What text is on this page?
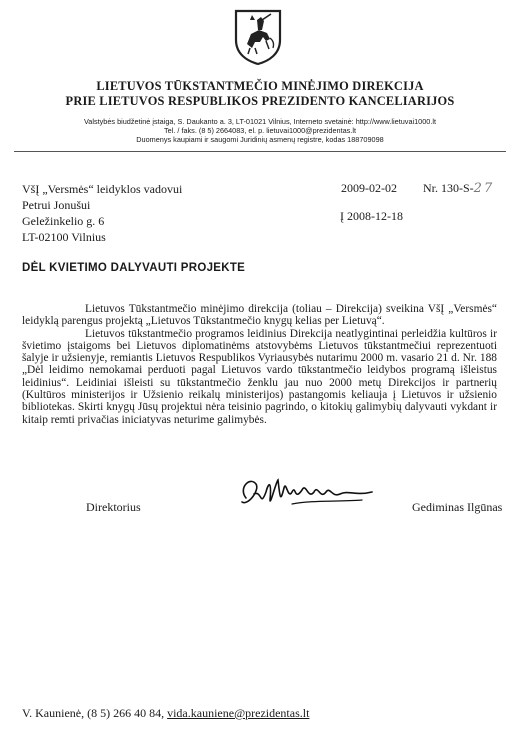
LIETUVOS TŪKSTANTMEČIO MINĖJIMO DIREKCIJA
PRIE LIETUVOS RESPUBLIKOS PREZIDENTO KANCELIARIJOS
Valstybės biudžetinė įstaiga, S. Daukanto a. 3, LT-01021 Vilnius, Interneto svetainė: http://www.lietuvai1000.lt
Tel. / faks. (8 5) 2664083, el. p. lietuvai1000@prezidentas.lt
Duomenys kaupiami ir saugomi Juridinių asmenų registre, kodas 188709098
VšĮ „Versmės“ leidyklos vadovui
Petrui Jonušui
Geležinkelio g. 6
LT-02100 Vilnius
2009-02-02 Nr. 130-S-27
Į 2008-12-18
DĖL KVIETIMO DALYVAUTI PROJEKTE

Lietuvos Tūkstantmečio minėjimo direkcija (toliau – Direkcija) sveikina VšĮ „Versmės“ leidyklą parengus projektą „Lietuvos Tūkstantmečio knygų kelias per Lietuvą“.

Lietuvos tūkstantmečio programos leidinius Direkcija neatlygintinai perleidžia kultūros ir švietimo įstaigoms bei Lietuvos diplomatinėms atstovybėms Lietuvos tūkstantmečiui reprezentuoti šalyje ir užsienyje, remiantis Lietuvos Respublikos Vyriausybės nutarimu 2000 m. vasario 21 d. Nr. 188 „Dėl leidimo nemokamai perduoti pagal Lietuvos vardo tūkstantmečio leidybos programą išleistus leidinius“. Leidiniai išleisti su tūkstantmečio ženklu jau nuo 2000 metų Direkcijos ir partnerių (Kultūros ministerijos ir Užsienio reikalų ministerijos) pastangomis keliauja į Lietuvos ir užsienio bibliotekas. Skirti knygų Jūsų projektui nėra teisinio pagrindo, o kitokių galimybių dalyvauti vykdant ir kitaip remti privačias iniciatyvas neturime galimybės.

Direktorius	Gediminas Ilgūnas
V. Kaunienė, (8 5) 266 40 84, vida.kauniene@prezidentas.lt
